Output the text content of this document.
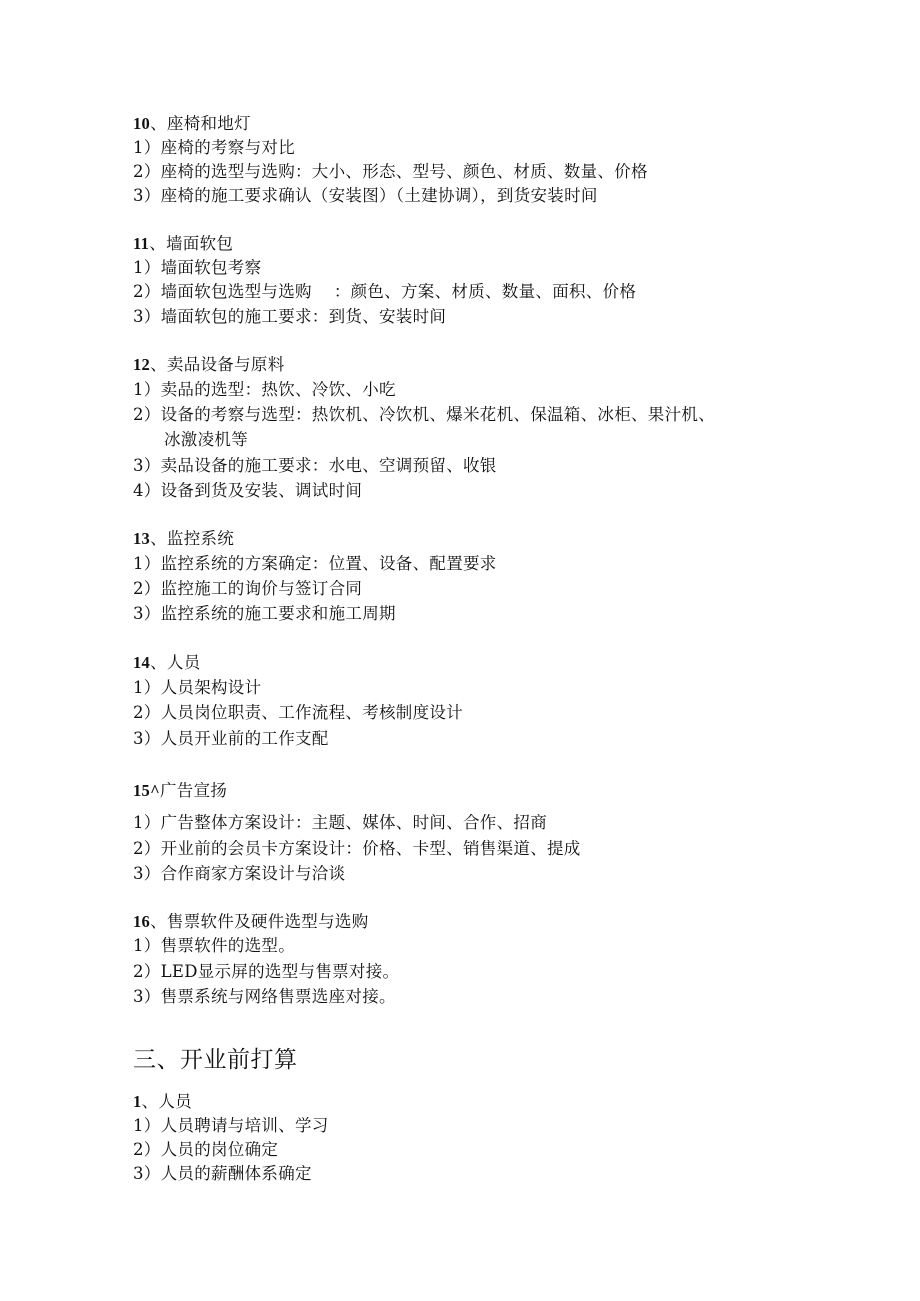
10、座椅和地灯
1）座椅的考察与对比
2）座椅的选型与选购：大小、形态、型号、颜色、材质、数量、价格
3）座椅的施工要求确认（安装图）（土建协调），到货安装时间
11、墙面软包
1）墙面软包考察
2）墙面软包选型与选购 ：颜色、方案、材质、数量、面积、价格
3）墙面软包的施工要求：到货、安装时间
12、卖品设备与原料
1）卖品的选型：热饮、冷饮、小吃
2）设备的考察与选型：热饮机、冷饮机、爆米花机、保温箱、冰柜、果汁机、
冰激凌机等
3）卖品设备的施工要求：水电、空调预留、收银
4）设备到货及安装、调试时间
13、监控系统
1）监控系统的方案确定：位置、设备、配置要求
2）监控施工的询价与签订合同
3）监控系统的施工要求和施工周期
14、人员
1）人员架构设计
2）人员岗位职责、工作流程、考核制度设计
3）人员开业前的工作支配
15^广告宣扬
1）广告整体方案设计：主题、媒体、时间、合作、招商
2）开业前的会员卡方案设计：价格、卡型、销售渠道、提成
3）合作商家方案设计与洽谈
16、售票软件及硬件选型与选购
1）售票软件的选型。
2）LED显示屏的选型与售票对接。
3）售票系统与网络售票选座对接。
三、开业前打算
1、人员
1）人员聘请与培训、学习
2）人员的岗位确定
3）人员的薪酬体系确定
